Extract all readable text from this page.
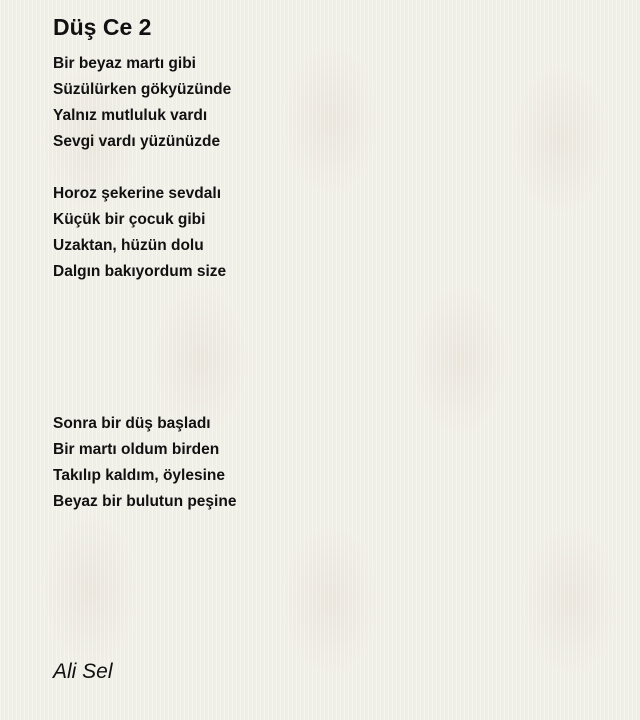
Düş Ce 2
Bir beyaz martı gibi
Süzülürken gökyüzünde
Yalnız mutluluk vardı
Sevgi vardı yüzünüzde
Horoz şekerine sevdalı
Küçük bir çocuk gibi
Uzaktan, hüzün dolu
Dalgın bakıyordum size
Sonra bir düş başladı
Bir martı oldum birden
Takılıp kaldım, öylesine
Beyaz bir bulutun peşine

Ali Sel
